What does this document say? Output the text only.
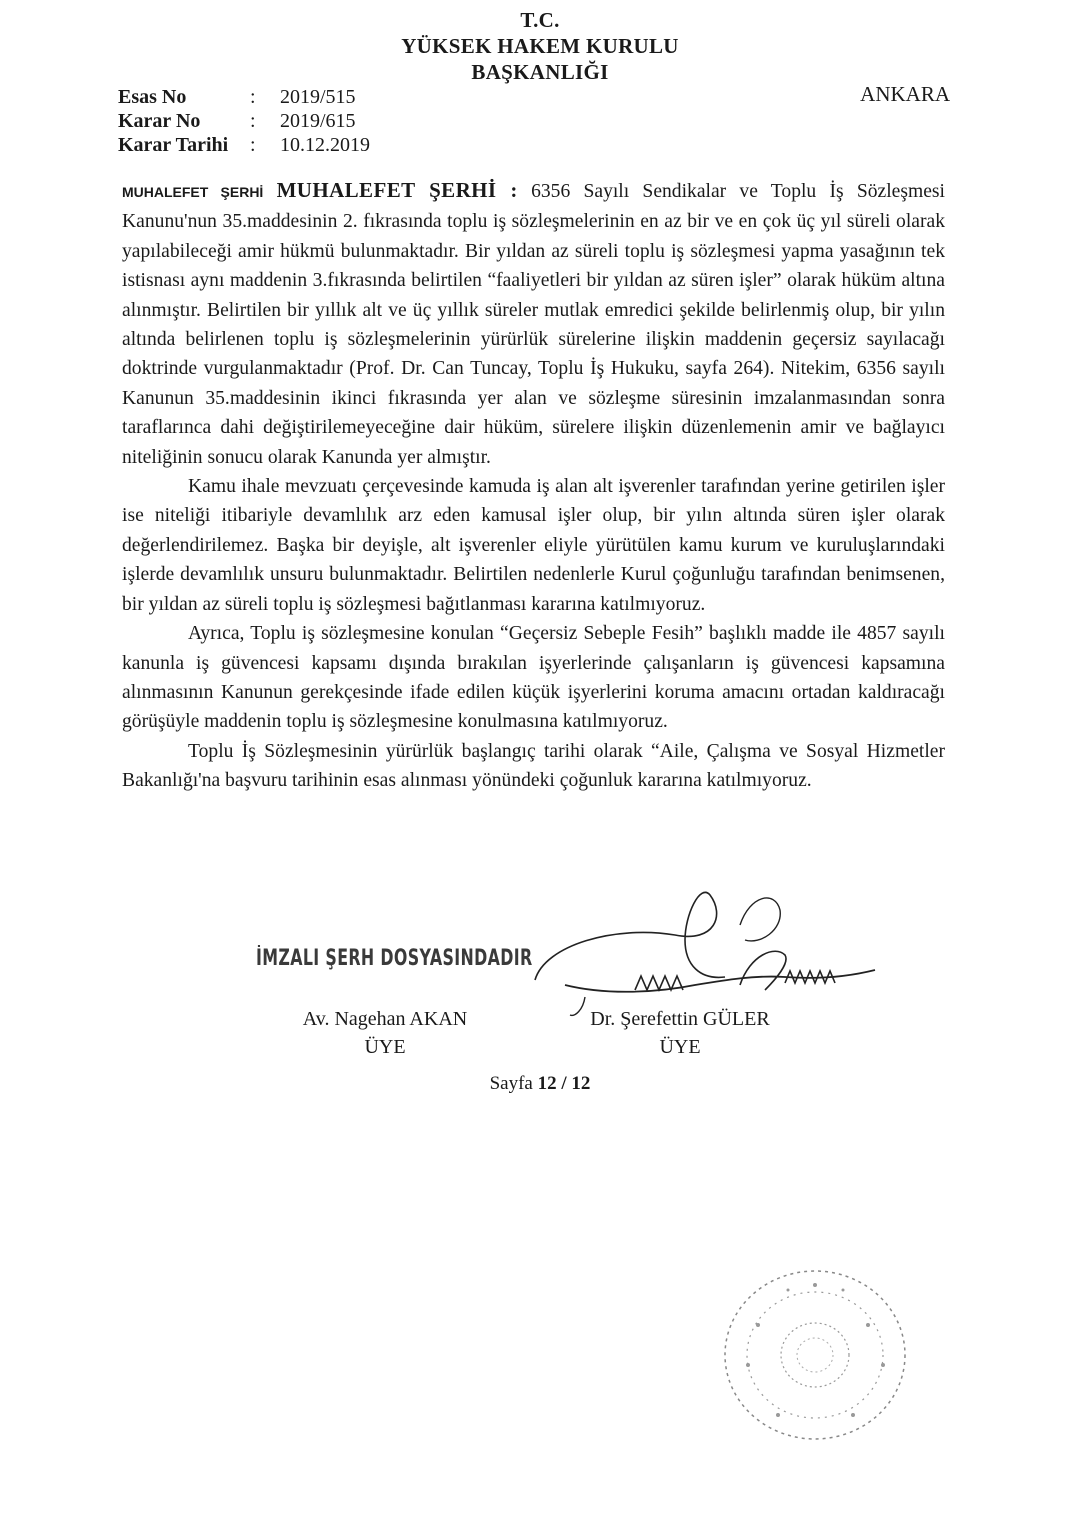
T.C.
YÜKSEK HAKEM KURULU
BAŞKANLIĞI
ANKARA
Esas No	: 2019/515
Karar No : 2019/615
Karar Tarihi : 10.12.2019

MUHALEFET ŞERHİ MUHALEFET ŞERHİ : 6356 Sayılı Sendikalar ve Toplu İş Sözleşmesi Kanunu'nun 35.maddesinin 2. fıkrasında toplu iş sözleşmelerinin en az bir ve en çok üç yıl süreli olarak yapılabileceği amir hükmü bulunmaktadır. Bir yıldan az süreli toplu iş sözleşmesi yapma yasağının tek istisnası aynı maddenin 3.fıkrasında belirtilen “faaliyetleri bir yıldan az süren işler” olarak hüküm altına alınmıştır. Belirtilen bir yıllık alt ve üç yıllık süreler mutlak emredici şekilde belirlenmiş olup, bir yılın altında belirlenen toplu iş sözleşmelerinin yürürlük sürelerine ilişkin maddenin geçersiz sayılacağı doktrinde vurgulanmaktadır (Prof. Dr. Can Tuncay, Toplu İş Hukuku, sayfa 264). Nitekim, 6356 sayılı Kanunun 35.maddesinin ikinci fıkrasında yer alan ve sözleşme süresinin imzalanmasından sonra taraflarınca dahi değiştirilemeyeceğine dair hüküm, sürelere ilişkin düzenlemenin amir ve bağlayıcı niteliğinin sonucu olarak Kanunda yer almıştır.

Kamu ihale mevzuatı çerçevesinde kamuda iş alan alt işverenler tarafından yerine getirilen işler ise niteliği itibariyle devamlılık arz eden kamusal işler olup, bir yılın altında süren işler olarak değerlendirilemez. Başka bir deyişle, alt işverenler eliyle yürütülen kamu kurum ve kuruluşlarındaki işlerde devamlılık unsuru bulunmaktadır. Belirtilen nedenlerle Kurul çoğunluğu tarafından benimsenen, bir yıldan az süreli toplu iş sözleşmesi bağıtlanması kararına katılmıyoruz.

Ayrıca, Toplu iş sözleşmesine konulan “Geçersiz Sebeple Fesih” başlıklı madde ile 4857 sayılı kanunla iş güvencesi kapsamı dışında bırakılan işyerlerinde çalışanların iş güvencesi kapsamına alınmasının Kanunun gerekçesinde ifade edilen küçük işyerlerini koruma amacını ortadan kaldıracağı görüşüyle maddenin toplu iş sözleşmesine konulmasına katılmıyoruz.

Toplu İş Sözleşmesinin yürürlük başlangıç tarihi olarak “Aile, Çalışma ve Sosyal Hizmetler Bakanlığı'na başvuru tarihinin esas alınması yönündeki çoğunluk kararına katılmıyoruz.

İMZALI ŞERH DOSYASINDADIR
Av. Nagehan AKAN
ÜYE
Dr. Şerefettin GÜLER
ÜYE
Sayfa 12 / 12
